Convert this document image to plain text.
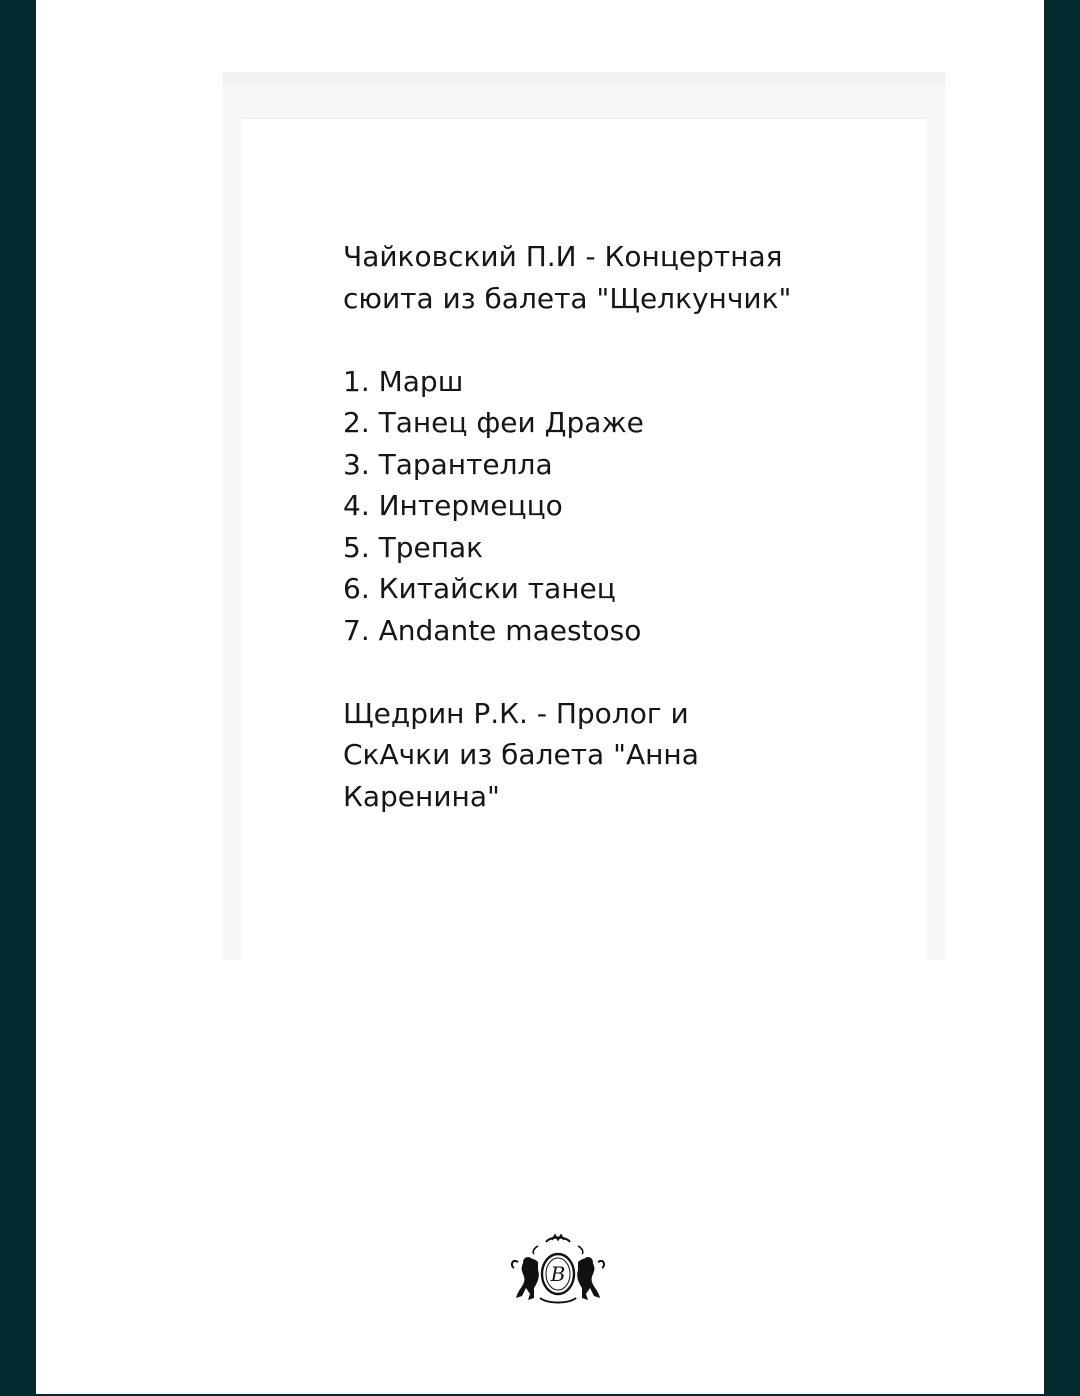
Чайковский П.И - Концертная

сюита из балета "Щелкунчик"

1. Марш
2. Танец феи Драже
3. Тарантелла
4. Интермеццо
5. Трепак
6. Китайски танец
7. Andante maestoso

Щедрин Р.К. - Пролог и

СкАчки из балета "Анна

Каренина"

B
